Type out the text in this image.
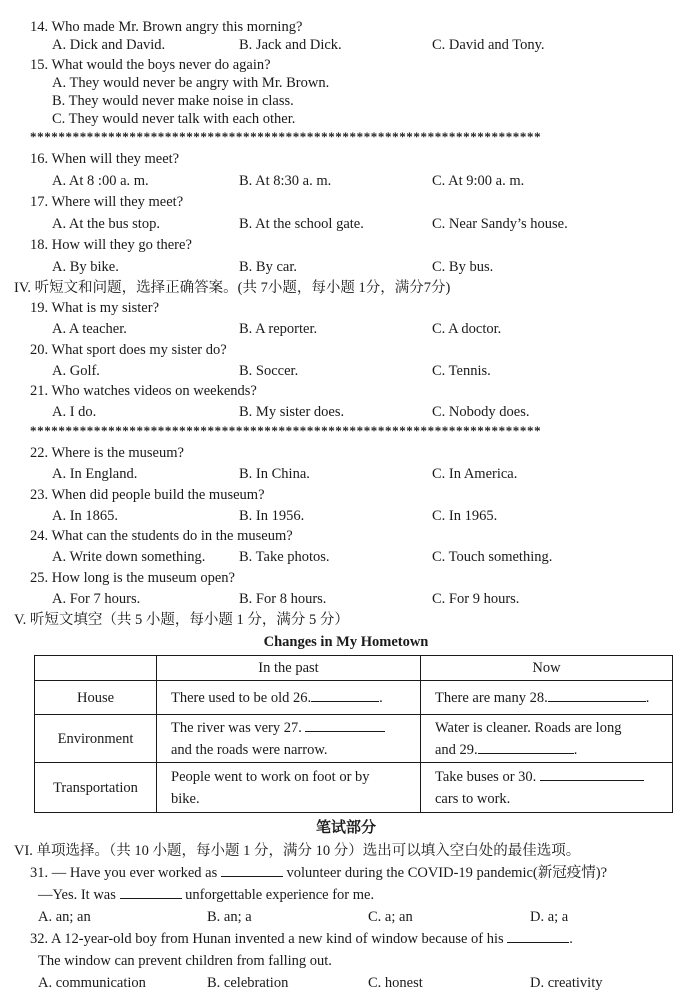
14. Who made Mr. Brown angry this morning?
A. Dick and David.	B. Jack and Dick.	C. David and Tony.
15. What would the boys never do again?
A. They would never be angry with Mr. Brown.
B. They would never make noise in class.
C. They would never talk with each other.
************************************************************************
16. When will they meet?
A. At 8 :00 a. m.	B. At 8:30 a. m.	C. At 9:00 a. m.
17. Where will they meet?
A. At the bus stop.	B. At the school gate.	C. Near Sandy’s house.
18. How will they go there?
A. By bike.	B. By car.	C. By bus.
IV. 听短文和问题，选择正确答案。(共 7小题，每小题 1分，满分7分)
19. What is my sister?
A. A teacher.	B. A reporter.	C. A doctor.
20. What sport does my sister do?
A. Golf.	B. Soccer.	C. Tennis.
21. Who watches videos on weekends?
A. I do.	B. My sister does.	C. Nobody does.
************************************************************************
22. Where is the museum?
A. In England.	B. In China.	C. In America.
23. When did people build the museum?
A. In 1865.	B. In 1956.	C. In 1965.
24. What can the students do in the museum?
A. Write down something. B. Take photos.	C. Touch something.
25. How long is the museum open?
A. For 7 hours.	B. For 8 hours.	C. For 9 hours.
V. 听短文填空（共 5 小题，每小题 1 分，满分 5 分）
Changes in My Hometown
	In the past	Now
House	There used to be old 26. .	There are many 28. .
Environment	The river was very 27.
and the roads were narrow.	Water is cleaner. Roads are long
and 29. .
Transportation	People went to work on foot or by
bike.	Take buses or 30.
cars to work.
笔试部分
VI. 单项选择。（共 10 小题，每小题 1 分，满分 10 分）选出可以填入空白处的最佳选项。
31. — Have you ever worked as	volunteer during the COVID-19 pandemic(新冠疫情)?
—Yes. It was	unforgettable experience for me.
A. an; an	B. an; a	C. a; an	D. a; a
32. A 12-year-old boy from Hunan invented a new kind of window because of his	.
The window can prevent children from falling out.
A. communication	B. celebration	C. honest	D. creativity
